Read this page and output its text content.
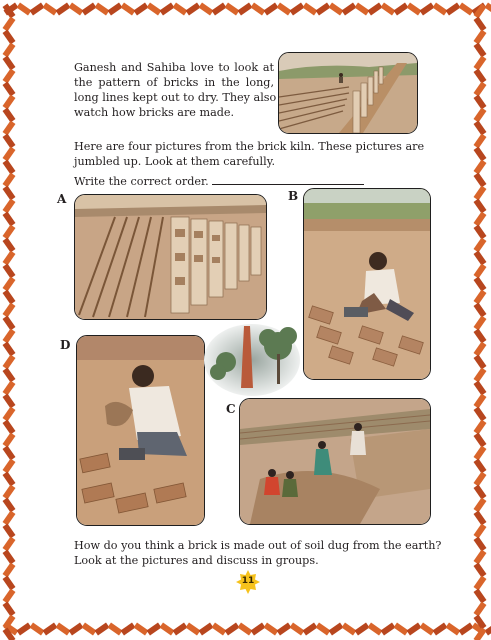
Ganesh and Sahiba love to look at
the pattern of bricks in the long,
long lines kept out to dry. They also
watch how bricks are made.
Here are four pictures from the brick kiln. These pictures are
jumbled up. Look at them carefully.
Write the correct order.
A	B
D
C
How do you think a brick is made out of soil dug from the earth?
Look at the pictures and discuss in groups.
11
